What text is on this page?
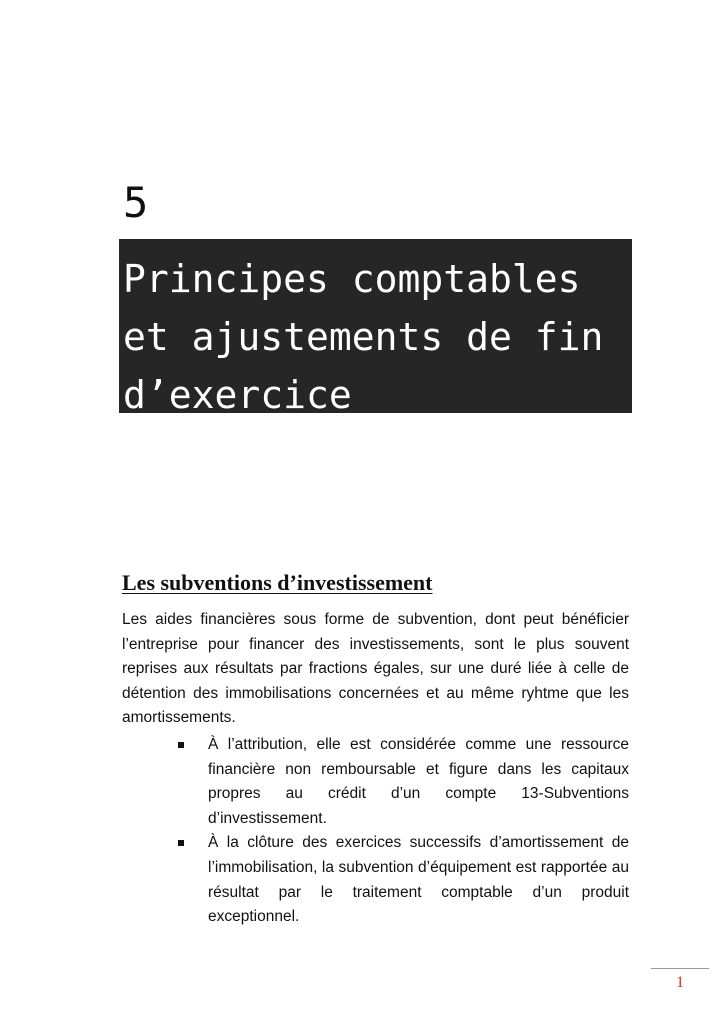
5
Principes comptables
et ajustements de fin
d’exercice
Les subventions d’investissement

Les aides financières sous forme de subvention, dont peut bénéficier l’entreprise pour financer des investissements, sont le plus souvent reprises aux résultats par fractions égales, sur une duré liée à celle de détention des immobilisations concernées et au même ryhtme que les amortissements.

À l’attribution, elle est considérée comme une ressource financière non remboursable et figure dans les capitaux propres au crédit d’un compte 13-Subventions d’investissement.
À la clôture des exercices successifs d’amortissement de l’immobilisation, la subvention d’équipement est rapportée au résultat par le traitement comptable d’un produit exceptionnel.
1
